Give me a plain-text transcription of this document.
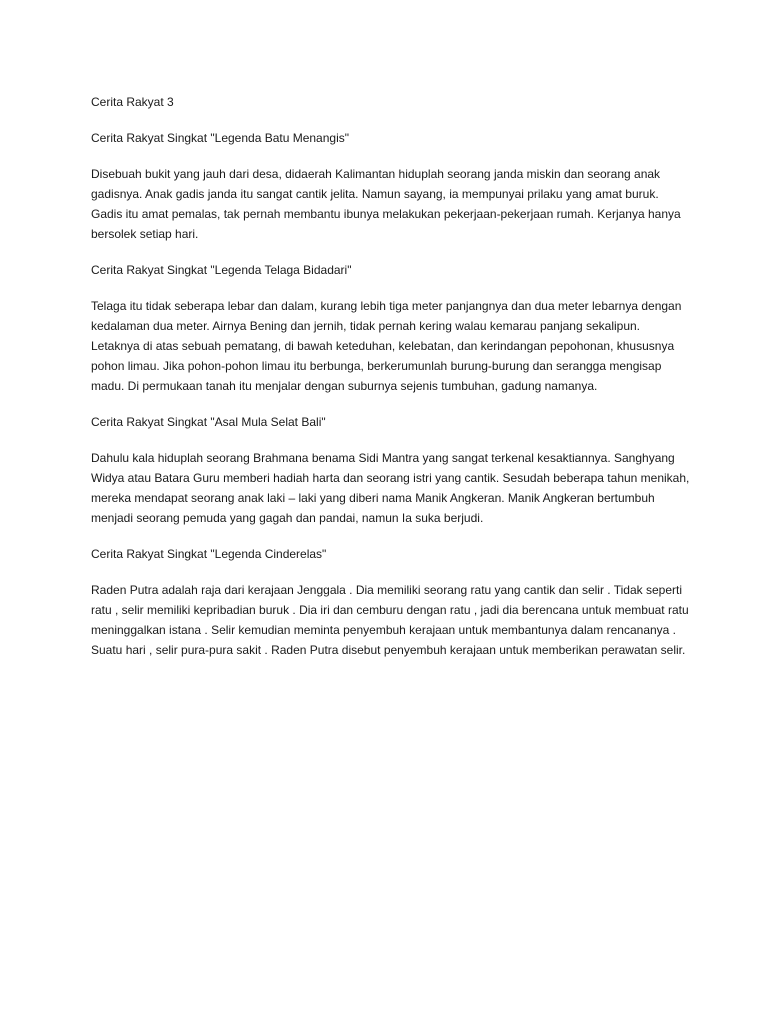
Cerita Rakyat 3

Cerita Rakyat Singkat "Legenda Batu Menangis"

Disebuah bukit yang jauh dari desa, didaerah Kalimantan hiduplah seorang janda miskin dan seorang anak gadisnya. Anak gadis janda itu sangat cantik jelita. Namun sayang, ia mempunyai prilaku yang amat buruk. Gadis itu amat pemalas, tak pernah membantu ibunya melakukan pekerjaan-pekerjaan rumah. Kerjanya hanya bersolek setiap hari.

Cerita Rakyat Singkat "Legenda Telaga Bidadari"

Telaga itu tidak seberapa lebar dan dalam, kurang lebih tiga meter panjangnya dan dua meter lebarnya dengan kedalaman dua meter. Airnya Bening dan jernih, tidak pernah kering walau kemarau panjang sekalipun. Letaknya di atas sebuah pematang, di bawah keteduhan, kelebatan, dan kerindangan pepohonan, khususnya pohon limau. Jika pohon-pohon limau itu berbunga, berkerumunlah burung-burung dan serangga mengisap madu. Di permukaan tanah itu menjalar dengan suburnya sejenis tumbuhan, gadung namanya.

Cerita Rakyat Singkat "Asal Mula Selat Bali"

Dahulu kala hiduplah seorang Brahmana benama Sidi Mantra yang sangat terkenal kesaktiannya. Sanghyang Widya atau Batara Guru memberi hadiah harta dan seorang istri yang cantik. Sesudah beberapa tahun menikah, mereka mendapat seorang anak laki – laki yang diberi nama Manik Angkeran. Manik Angkeran bertumbuh menjadi seorang pemuda yang gagah dan pandai, namun Ia suka berjudi.

Cerita Rakyat Singkat "Legenda Cinderelas"

Raden Putra adalah raja dari kerajaan Jenggala . Dia memiliki seorang ratu yang cantik dan selir . Tidak seperti ratu , selir memiliki kepribadian buruk . Dia iri dan cemburu dengan ratu , jadi dia berencana untuk membuat ratu meninggalkan istana . Selir kemudian meminta penyembuh kerajaan untuk membantunya dalam rencananya . Suatu hari , selir pura-pura sakit . Raden Putra disebut penyembuh kerajaan untuk memberikan perawatan selir.
